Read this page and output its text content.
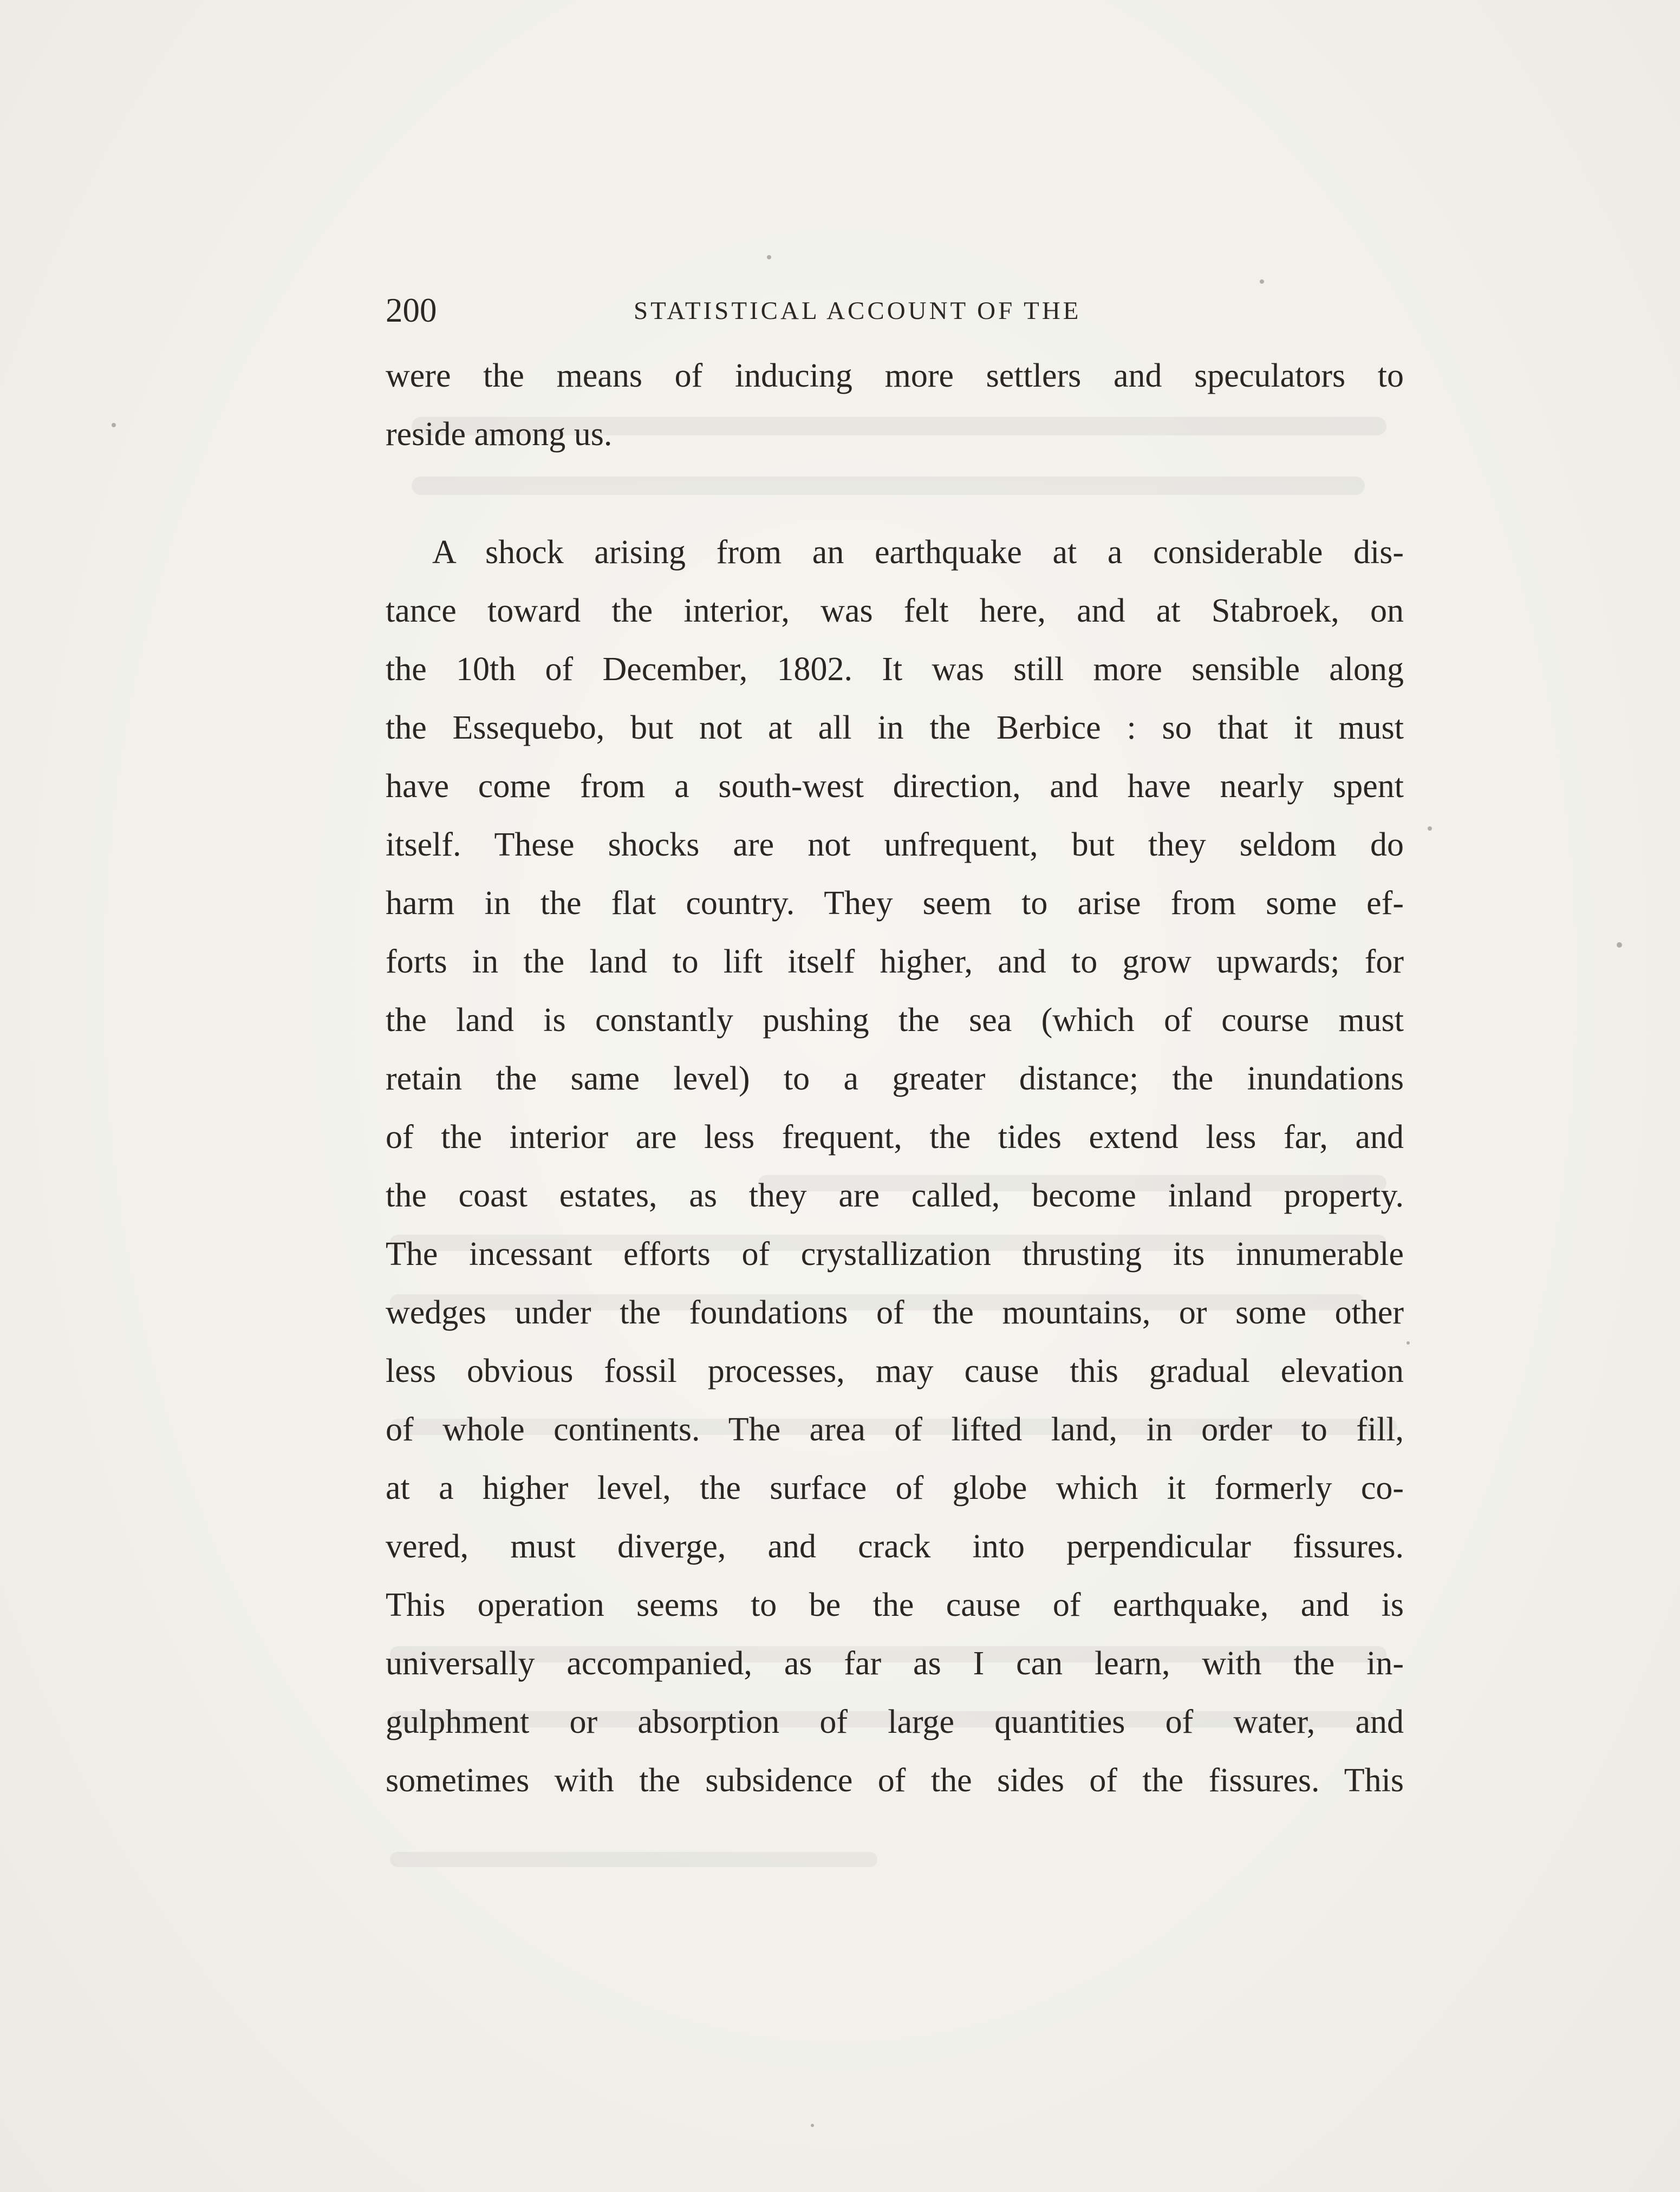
200	STATISTICAL ACCOUNT OF THE
were the means of inducing more settlers and speculators to
reside among us.
A shock arising from an earthquake at a considerable dis-
tance toward the interior, was felt here, and at Stabroek, on
the 10th of December, 1802. It was still more sensible along
the Essequebo, but not at all in the Berbice : so that it must
have come from a south-west direction, and have nearly spent
itself. These shocks are not unfrequent, but they seldom do
harm in the flat country. They seem to arise from some ef-
forts in the land to lift itself higher, and to grow upwards; for
the land is constantly pushing the sea (which of course must
retain the same level) to a greater distance; the inundations
of the interior are less frequent, the tides extend less far, and
the coast estates, as they are called, become inland property.
The incessant efforts of crystallization thrusting its innumerable
wedges under the foundations of the mountains, or some other
less obvious fossil processes, may cause this gradual elevation
of whole continents. The area of lifted land, in order to fill,
at a higher level, the surface of globe which it formerly co-
vered, must diverge, and crack into perpendicular fissures.
This operation seems to be the cause of earthquake, and is
universally accompanied, as far as I can learn, with the in-
gulphment or absorption of large quantities of water, and
sometimes with the subsidence of the sides of the fissures. This
